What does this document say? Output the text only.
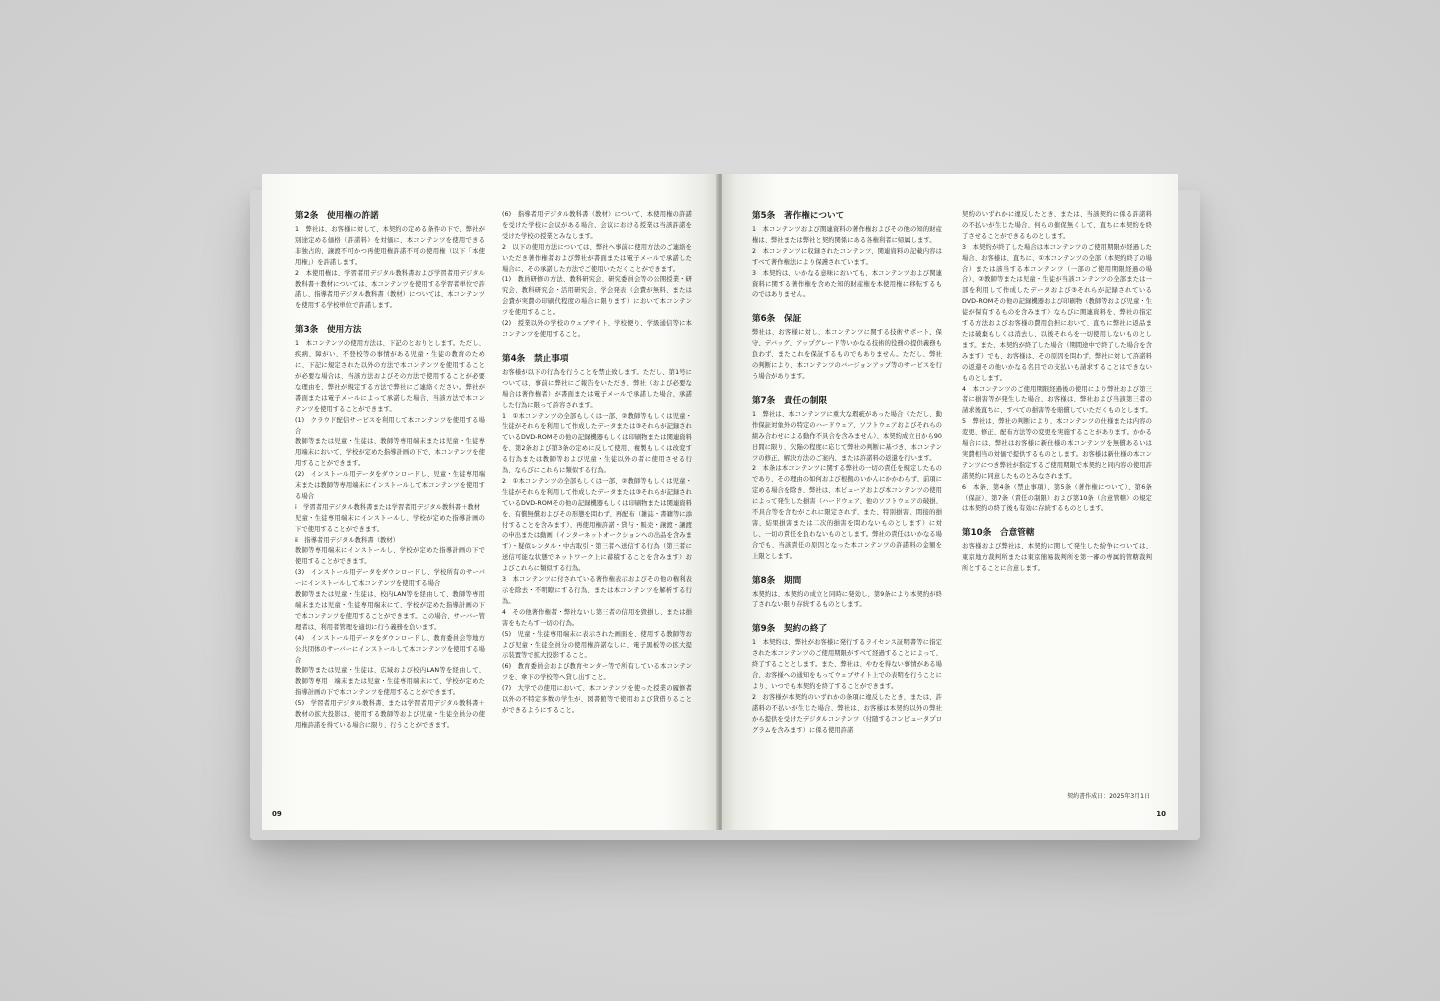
第2条　使用権の許諾
1　弊社は、お客様に対して、本契約の定める条件の下で、弊社が別途定める価格（許諾料）を対価に、本コンテンツを使用できる非独占的、譲渡不可かつ再使用権許諾不可の使用権（以下「本使用権」）を許諾します。
2　本使用権は、学習者用デジタル教科書および学習者用デジタル教科書＋教材については、本コンテンツを使用する学習者単位で許諾し、指導者用デジタル教科書（教材）については、本コンテンツを使用する学校単位で許諾します。
第3条　使用方法
1　本コンテンツの使用方法は、下記のとおりとします。ただし、疾病、障がい、不登校等の事情がある児童・生徒の教育のために、下記に規定された以外の方法で本コンテンツを使用することが必要な場合は、当該方法およびその方法で使用することが必要な理由を、弊社が規定する方法で弊社にご連絡ください。弊社が書面または電子メールによって承諾した場合、当該方法で本コンテンツを使用することができます。
(1)　クラウド配信サービスを利用して本コンテンツを使用する場合
教師等または児童・生徒は、教師等専用端末または児童・生徒専用端末において、学校が定めた指導計画の下で、本コンテンツを使用することができます。
(2)　インストール用データをダウンロードし、児童・生徒専用端末または教師等専用端末にインストールして本コンテンツを使用する場合
ⅰ　学習者用デジタル教科書または学習者用デジタル教科書＋教材
児童・生徒専用端末にインストールし、学校が定めた指導計画の下で使用することができます。
ⅱ　指導者用デジタル教科書（教材）
教師等専用端末にインストールし、学校が定めた指導計画の下で使用することができます。
(3)　インストール用データをダウンロードし、学校所有のサーバーにインストールして本コンテンツを使用する場合
教師等または児童・生徒は、校内LAN等を経由して、教師等専用端末または児童・生徒専用端末にて、学校が定めた指導計画の下で本コンテンツを使用することができます。この場合、サーバー管理者は、利用者管理を適切に行う義務を負います。
(4)　インストール用データをダウンロードし、教育委員会等地方公共団体のサーバーにインストールして本コンテンツを使用する場合
教師等または児童・生徒は、広域および校内LAN等を経由して、教師等専用　端末または児童・生徒専用端末にて、学校が定めた指導計画の下で本コンテンツを使用することができます。
(5)　学習者用デジタル教科書、または学習者用デジタル教科書＋教材の拡大投影は、使用する教師等および児童・生徒全員分の使用権許諾を得ている場合に限り、行うことができます。
(6)　指導者用デジタル教科書（教材）について、本使用権の許諾を受けた学校に会议がある場合、会议における授業は当該許諾を受けた学校の授業とみなします。
2　以下の使用方法については、弊社へ事前に使用方法のご連絡をいただき著作権者および弊社が書面または電子メールで承諾した場合に、その承諾した方法でご使用いただくことができます。
(1)　教員研修の方法、教科研究会、研究委員会等の公開授業・研究会、教科研究会・活用研究会、学会発表（会費が無料、または会費が実費の印刷代程度の場合に限ります）において本コンテンツを使用すること。
(2)　授業以外の学校のウェブサイト、学校便り、学級通信等に本コンテンツを使用すること。
第4条　禁止事項
お客様が以下の行為を行うことを禁止致します。ただし、第1号については、事前に弊社にご報告をいただき、弊社（および必要な場合は著作権者）が書面または電子メールで承諾した場合、承諾した行為に限って許容されます。
1　①本コンテンツの全部もしくは一部、②教師等もしくは児童・生徒がそれらを利用して作成したデータまたは③それらが記録されているDVD-ROMその他の記録機器もしくは印刷物または関連資料を、第2条および第3条の定めに反して使用、複製もしくは改変する行為または教師等および児童・生徒以外の者に使用させる行為、ならびにこれらに類似する行為。
2　①本コンテンツの全部もしくは一部、②教師等もしくは児童・生徒がそれらを利用して作成したデータまたは③それらが記録されているDVD-ROMその他の記録機器もしくは印刷物または関連資料を、有償無償およびその形態を問わず、再配布（雑誌・書籍等に添付することを含みます）、再使用権許諾・貸与・販売・譲渡・讓渡の申出または動画（インターネットオークションへの出品を含みます）・疑似レンタル・中古取引・第三者へ送信する行為（第三者に送信可能な状態でネットワーク上に蓄積することを含みます）およびこれらに類似する行為。
3　本コンテンツに付されている著作権表示およびその他の権利表示を除去・不明瞭にする行為、または本コンテンツを解析する行為。
4　その他著作権者・弊社ないし第三者の信用を毀損し、または損害をもたらす一切の行為。
(5)　児童・生徒専用端末に表示された画面を、使用する教師等および児童・生徒全員分の使用権許諾なしに、電子黒板等の拡大提示装置等で拡大投影すること。
(6)　教育委員会および教育センター等で所有している本コンテンツを、傘下の学校等へ貸し出すこと。
(7)　大学での使用において、本コンテンツを使った授業の履修者以外の不特定多数の学生が、図書館等で使用および貸借りることができるようにすること。
09
第5条　著作権について
1　本コンテンツおよび関連資料の著作権およびその他の知的財産権は、弊社または弊社と契約関係にある各権利者に帰属します。
2　本コンテンツに収録されたコンテンツ、関連資料の記載内容はすべて著作権法により保護されています。
3　本契約は、いかなる意味においても、本コンテンツおよび関連資料に関する著作権を含めた知的財産権を本使用権に移転するものではありません。
第6条　保証
弊社は、お客様に対し、本コンテンツに関する技術サポート、保守、デバッグ、アップグレード等いかなる技術的役務の提供義務も負わず、またこれを保証するものでもありません。ただし、弊社の判断により、本コンテンツのバージョンアップ等のサービスを行う場合があります。
第7条　責任の制限
1　弊社は、本コンテンツに重大な瑕疵があった場合（ただし、動作保証対象外の特定のハードウェア、ソフトウェアおよびそれらの組み合わせによる動作不具合を含みません）、本契約成立日から90日間に限り、欠陥の程度に応じて弊社の判断に基づき、本コンテンツの修正、解決方法のご案内、または許諾料の返還を行います。
2　本条は本コンテンツに関する弊社の一切の責任を規定したものであり、その理由の如何および根拠のいかんにかかわらず、前項に定める場合を除き、弊社は、本ビューアおよび本コンテンツの使用によって発生した損害（ハードウェア、他のソフトウェアの破損、不具合等を含むがこれに限定されず、また、特別損害、間接的損害、結果損害または二次的損害を問わないものとします）に対し、一切の責任を負わないものとします。弊社の責任はいかなる場合でも、当該責任の原因となった本コンテンツの許諾料の金額を上限とします。
第8条　期間
本契約は、本契約の成立と同時に発効し、第9条により本契約が終了されない限り存続するものとします。
第9条　契約の終了
1　本契約は、弊社がお客様に発行するライセンス証明書等に指定された本コンテンツのご使用期限がすべて経過することによって、終了することとします。また、弊社は、やむを得ない事情がある場合、お客様への通知をもってウェブサイト上での表明を行うことにより、いつでも本契約を終了することができます。
2　お客様が本契約のいずれかの条項に違反したとき、または、許諾料の不払いが生じた場合、弊社は、お客様は本契約以外の弊社から提供を受けたデジタルコンテンツ（付随するコンピュータプログラムを含みます）に係る使用許諾
契約のいずれかに違反したとき、または、当該契約に係る許諾料の不払いが生じた場合、何らの催促無くして、直ちに本契約を終了させることができるものとします。
3　本契約が終了した場合は本コンテンツのご使用期限が経過した場合、お客様は、直ちに、①本コンテンツの全部（本契約終了の場合）または該当する本コンテンツ（一部のご使用期限経過の場合）、②教師等または児童・生徒が当該コンテンツの全部または一部を利用して作成したデータおよび③それらが記録されているDVD-ROMその他の記録機器および印刷物（教師等および児童・生徒が保有するものを含みます）ならびに関連資料を、弊社の指定する方法およびお客様の費用負担において、直ちに弊社に返品または破棄もしくは消去し、以後それらを一切使用しないものとします。また、本契約が終了した場合（期間途中で終了した場合を含みます）でも、お客様は、その原因を問わず、弊社に対して許諾料の返還その他いかなる名目での支払いも請求することはできないものとします。
4　本コンテンツのご使用期限経過後の使用により弊社および第三者に損害等が発生した場合、お客様は、弊社および当該第三者の請求後直ちに、すべての損害等を賠償していただくものとします。
5　弊社は、弊社の判断により、本コンテンツの仕様または内容の変更、修正、配布方法等の変更を実施することがあります。かかる場合には、弊社はお客様に新仕様の本コンテンツを無償あるいは実費相当の対価で提供するものとします。お客様は新仕様の本コンテンツにつき弊社が指定するご使用期限で本契約と同内容の使用許諾契約に同意したものとみなされます。
6　本条、第4条（禁止事項）、第5条（著作権について）、第6条（保証）、第7条（責任の制限）および第10条（合意管轄）の規定は本契約の終了後も有効に存続するものとします。
第10条　合意管轄
お客様および弊社は、本契約に関して発生した紛争については、東京地方裁判所または東京簡易裁判所を第一審の専属的管轄裁判所とすることに合意します。
契約書作成日：2025年3月1日
10
